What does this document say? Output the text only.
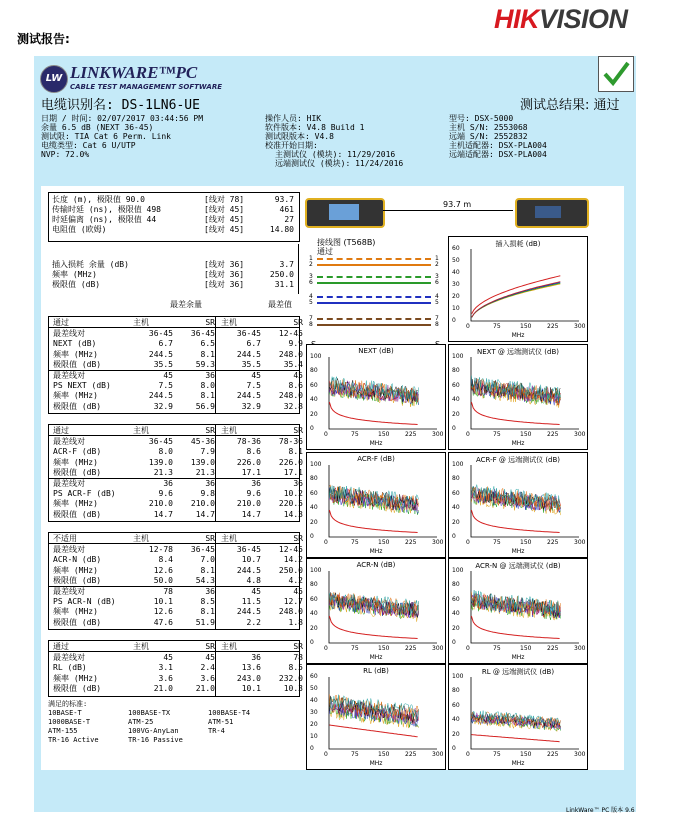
HIKVISION
测试报告:
LW LINKWARE™PC
CABLE TEST MANAGEMENT SOFTWARE
电缆识别名: DS-1LN6-UE	测试总结果: 通过
日期 / 时间: 02/07/2017 03:44:56 PM
余量 6.5 dB (NEXT 36-45)
测试限: TIA Cat 6 Perm. Link
电缆类型: Cat 6 U/UTP
NVP: 72.0%
操作人员: HIK
软件版本: V4.8 Build 1
测试限版本: V4.8
校准开始日期:
主测试仪 (模块): 11/29/2016
远端测试仪 (模块): 11/24/2016
型号: DSX-5000
主机 S/N: 2553068
远端 S/N: 2552832
主机适配器: DSX-PLA004
远端适配器: DSX-PLA004
长度 (m), 极限值 90.0	[线对 78]	93.7
传输时延 (ns), 极限值 498	[线对 45]	461
时延偏离 (ns), 极限值 44	[线对 45]	27
电阻值 (欧姆)	[线对 45]	14.80
插入损耗 余量 (dB)	[线对 36]	3.7
频率 (MHz)	[线对 36]	250.0
极限值 (dB)	[线对 36]	31.1
最差余量	最差值
通过	主机	SR 主机	SR
最差线对	36-45	36-45	36-45	12-45
NEXT (dB)	6.7	6.5	6.7	9.9
频率 (MHz)	244.5	8.1	244.5	248.0
极限值 (dB)	35.5	59.3	35.5	35.4
最差线对	45	36	45	45
PS NEXT (dB)	7.5	8.0	7.5	8.6
频率 (MHz)	244.5	8.1	244.5	248.0
极限值 (dB)	32.9	56.9	32.9	32.8
通过	主机	SR 主机	SR
最差线对	36-45	45-36	78-36	78-36
ACR-F (dB)	8.0	7.9	8.6	8.1
频率 (MHz)	139.0	139.0	226.0	226.0
极限值 (dB)	21.3	21.3	17.1	17.1
最差线对	36	36	36	36
PS ACR-F (dB)	9.6	9.8	9.6	10.2
频率 (MHz)	210.0	210.0	210.0	220.5
极限值 (dB)	14.7	14.7	14.7	14.3
不适用	主机	SR 主机	SR
最差线对	12-78	36-45	36-45	12-45
ACR-N (dB)	8.4	7.0	10.7	14.2
频率 (MHz)	12.6	8.1	244.5	250.0
极限值 (dB)	50.0	54.3	4.8	4.2
最差线对	78	36	45	45
PS ACR-N (dB)	10.1	8.5	11.5	12.7
频率 (MHz)	12.6	8.1	244.5	248.0
极限值 (dB)	47.6	51.9	2.2	1.8
通过	主机	SR 主机	SR
最差线对	45	45	36	78
RL (dB)	3.1	2.4	13.6	8.5
频率 (MHz)	3.6	3.6	243.0	232.0
极限值 (dB)	21.0	21.0	10.1	10.3
满足的标准:
10BASE-T	100BASE-TX	100BASE-T4
1000BASE-T	ATM-25	ATM-51
ATM-155	100VG-AnyLan	TR-4
TR-16 Active	TR-16 Passive
93.7 m
接线图 (T568B)
通过
1	1
2	2
3	3
6	6
4	4
5	5
7	7
8	8
插入损耗 (dB)
MHz
0
10
20
30
40
50
60
0	75	150	225	300
NEXT (dB)
MHz
0
20
40
60
80
100
0	75	150	225	300
NEXT @ 远端测试仪 (dB)
MHz
0
20
40
60
80
100
0	75	150	225	300
ACR-F (dB)
MHz
0
20
40
60
80
100
0	75	150	225	300
ACR-F @ 远端测试仪 (dB)
MHz
0
20
40
60
80
100
0	75	150	225	300
ACR-N (dB)
MHz
0
20
40
60
80
100
0	75	150	225	300
ACR-N @ 远端测试仪 (dB)
MHz
0
20
40
60
80
100
0	75	150	225	300
RL (dB)
MHz
0
10
20
30
40
50
60
0	75	150	225	300
RL @ 远端测试仪 (dB)
MHz
0
20
40
60
80
100
0	75	150	225	300
LinkWare™ PC 版本 9.6
